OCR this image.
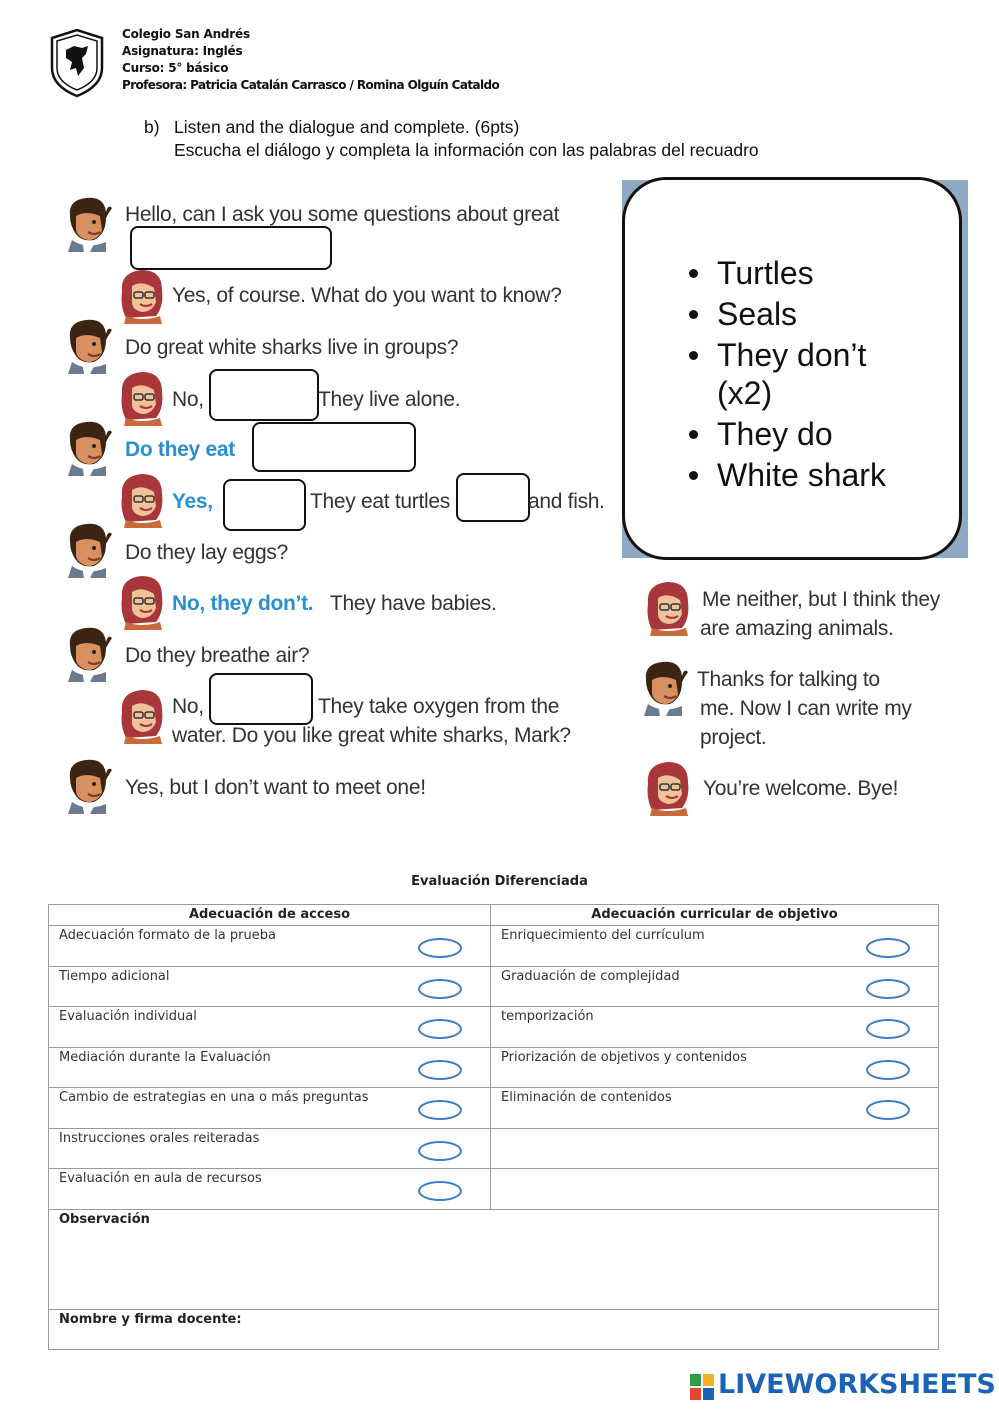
Colegio San Andrés
Asignatura: Inglés
Curso: 5° básico
Profesora: Patricia Catalán Carrasco / Romina Olguín Cataldo
b) Listen and the dialogue and complete. (6pts)
Escucha el diálogo y completa la información con las palabras del recuadro
Hello, can I ask you some questions about great
Yes, of course. What do you want to know?
Do great white sharks live in groups?
No,	They live alone.
Do they eat
Yes,	They eat turtles	and fish.
Do they lay eggs?
No, they don’t. They have babies.
Do they breathe air?
No,	They take oxygen from the
water. Do you like great white sharks, Mark?
Yes, but I don’t want to meet one!
Me neither, but I think they
are amazing animals.
Thanks for talking to
me. Now I can write my
project.
You’re welcome. Bye!
Turtles
Seals
They don’t (x2)
They do
White shark
Evaluación Diferenciada
Adecuación de acceso	Adecuación curricular de objetivo
Adecuación formato de la prueba	Enriquecimiento del currículum

Tiempo adicional	Graduación de complejidad

Evaluación individual	temporización

Mediación durante la Evaluación	Priorización de objetivos y contenidos

Cambio de estrategias en una o más preguntas	Eliminación de contenidos

Instrucciones orales reiteradas

Evaluación en aula de recursos

Observación	
Nombre y firma docente:	
LIVEWORKSHEETS
